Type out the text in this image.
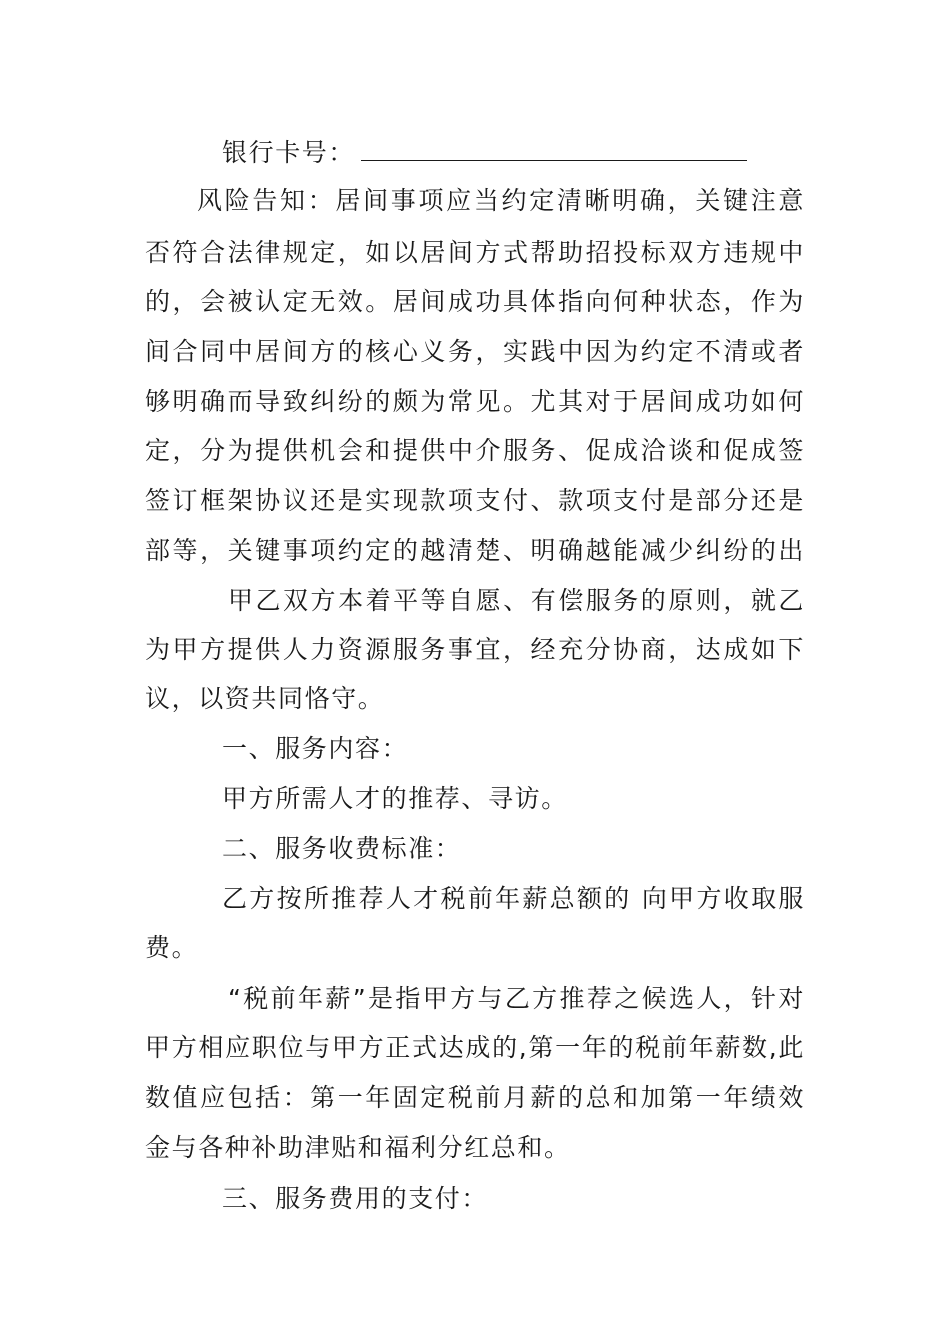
银行卡号：
风险告知：居间事项应当约定清晰明确，关键注意
否符合法律规定，如以居间方式帮助招投标双方违规中
的，会被认定无效。居间成功具体指向何种状态，作为
间合同中居间方的核心义务，实践中因为约定不清或者
够明确而导致纠纷的颇为常见。尤其对于居间成功如何
定，分为提供机会和提供中介服务、促成洽谈和促成签
签订框架协议还是实现款项支付、款项支付是部分还是
部等，关键事项约定的越清楚、明确越能减少纠纷的出
甲乙双方本着平等自愿、有偿服务的原则，就乙
为甲方提供人力资源服务事宜，经充分协商，达成如下
议，以资共同恪守。
一、服务内容：
甲方所需人才的推荐、寻访。
二、服务收费标准：
乙方按所推荐人才税前年薪总额的 向甲方收取服
费。
“税前年薪”是指甲方与乙方推荐之候选人，针对
甲方相应职位与甲方正式达成的,第一年的税前年薪数,此
数值应包括：第一年固定税前月薪的总和加第一年绩效
金与各种补助津贴和福利分红总和。
三、服务费用的支付：
